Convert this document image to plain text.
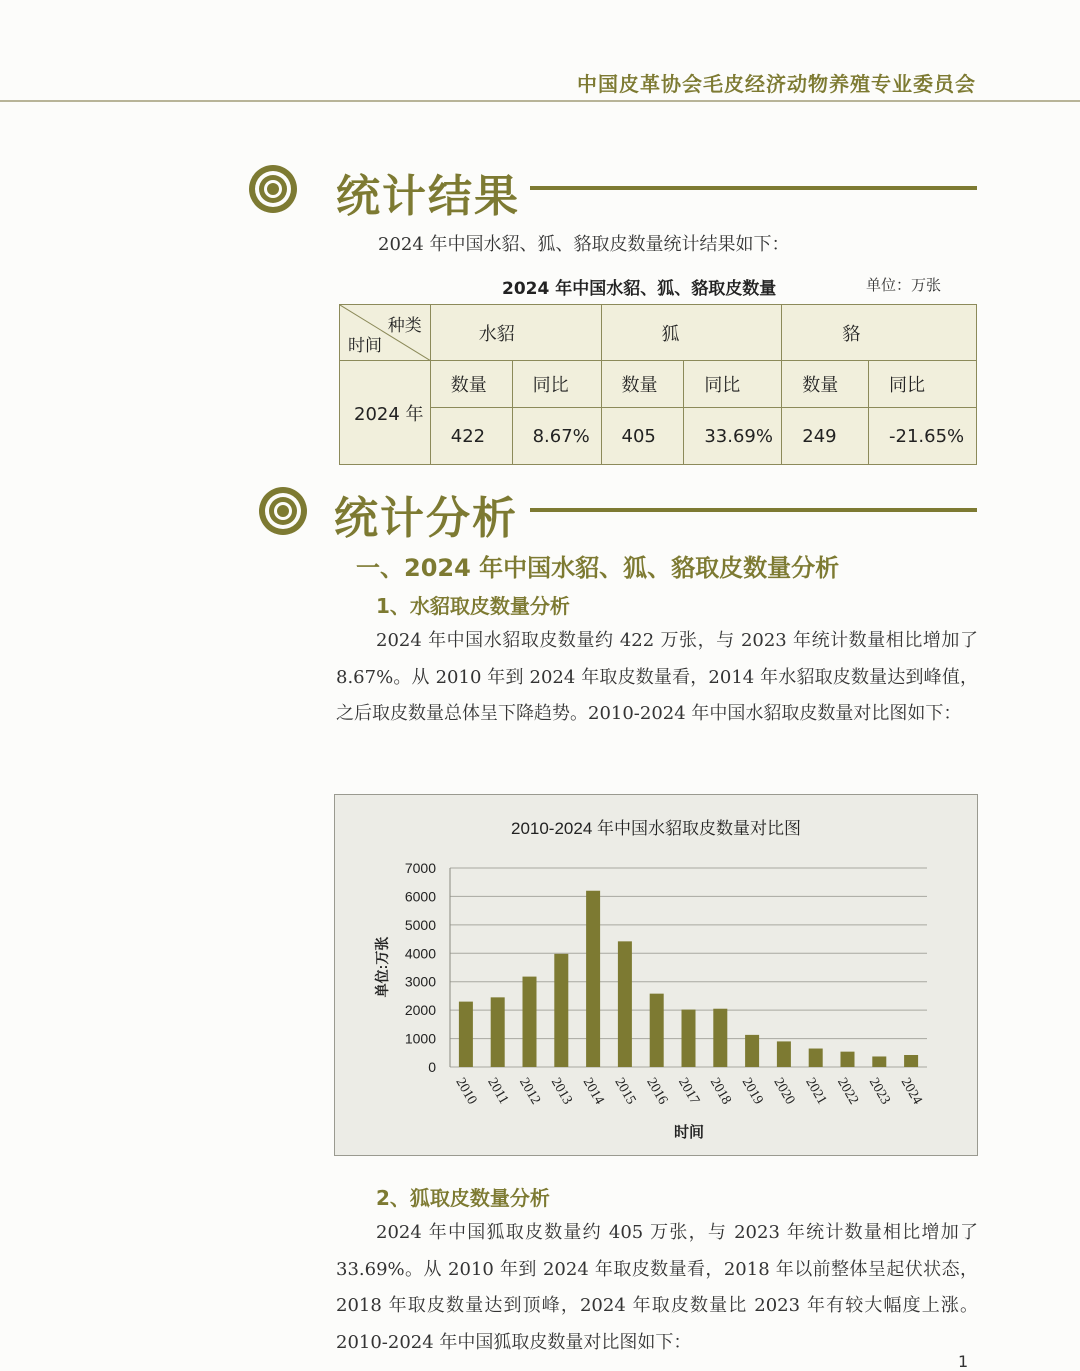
中国皮革协会毛皮经济动物养殖专业委员会
统计结果
2024 年中国水貂、狐、貉取皮数量统计结果如下：
2024 年中国水貂、狐、貉取皮数量	单位：万张
种类
时间	水貂		狐		貉	
2024 年	数量	同比	数量	同比	数量	同比
	422	8.67%	405	33.69%	249	-21.65%
统计分析
一、2024 年中国水貂、狐、貉取皮数量分析
1、水貂取皮数量分析
2024 年中国水貂取皮数量约 422 万张，与 2023 年统计数量相比增加了 8.67%。从 2010 年到 2024 年取皮数量看，2014 年水貂取皮数量达到峰值，之后取皮数量总体呈下降趋势。2010-2024 年中国水貂取皮数量对比图如下：
2010-2024 年中国水貂取皮数量对比图
单位:万张
时间
0
1000
2000
3000
4000
5000
6000
7000
2010 2011 2012 2013 2014 2015 2016 2017 2018 2019 2020 2021 2022 2023 2024
2、狐取皮数量分析
2024 年中国狐取皮数量约 405 万张，与 2023 年统计数量相比增加了 33.69%。从 2010 年到 2024 年取皮数量看，2018 年以前整体呈起伏状态，2018 年取皮数量达到顶峰，2024 年取皮数量比 2023 年有较大幅度上涨。2010-2024 年中国狐取皮数量对比图如下：
1
